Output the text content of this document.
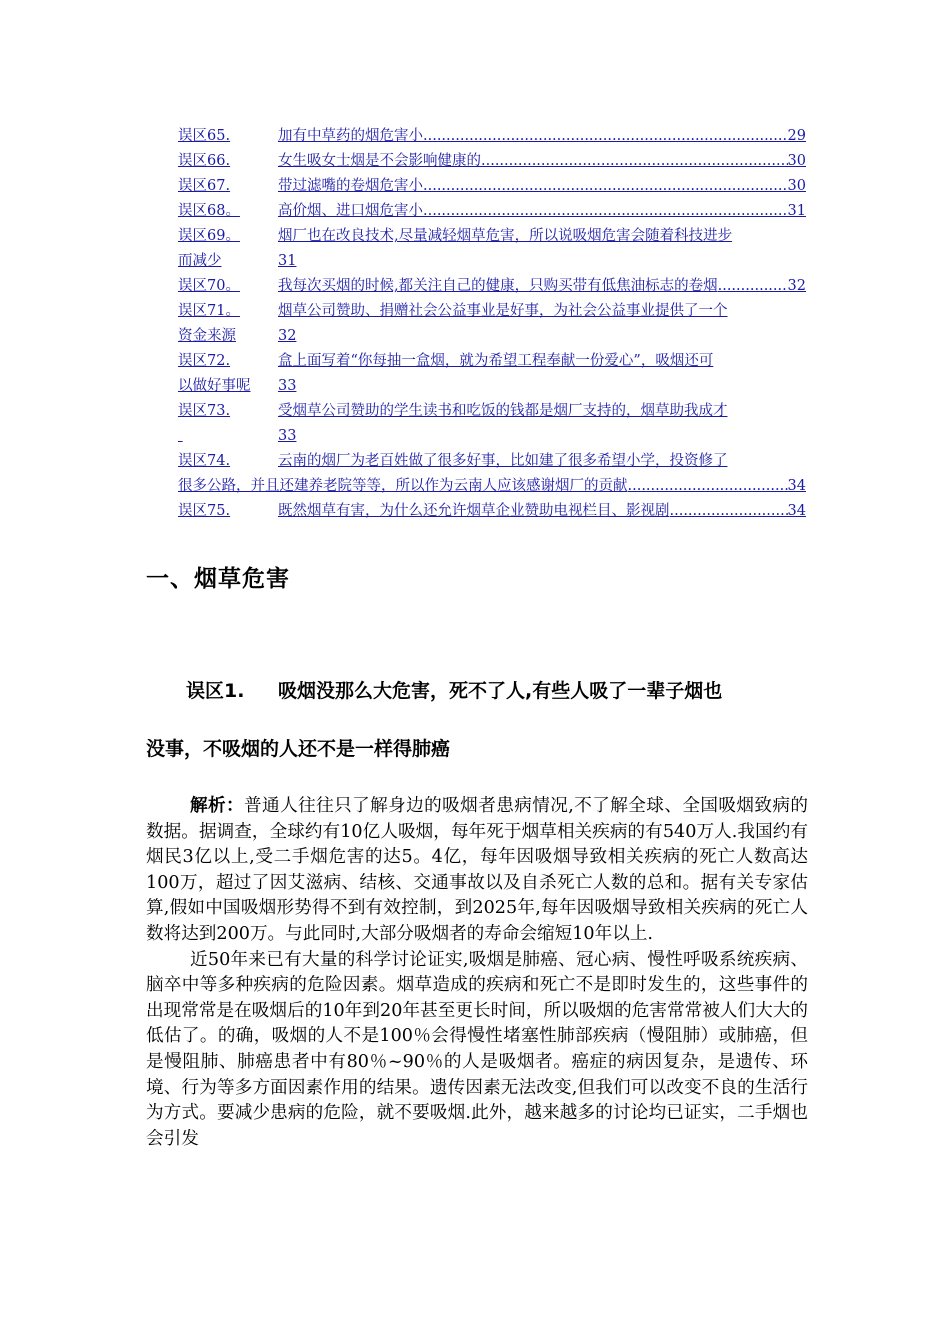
误区65.	加有中草药的烟危害小 .....	29
误区66.	女生吸女士烟是不会影响健康的 .....	30
误区67.	带过滤嘴的卷烟危害小 .....	30
误区68。	高价烟、进口烟危害小 .....	31
误区69。	烟厂也在改良技术,尽量减轻烟草危害，所以说吸烟危害会随着科技进步
而减少	31
误区70。	我每次买烟的时候,都关注自己的健康，只购买带有低焦油标志的卷烟 .....	32
误区71。	烟草公司赞助、捐赠社会公益事业是好事，为社会公益事业提供了一个
资金来源	32
误区72.	盒上面写着“你每抽一盒烟，就为希望工程奉献一份爱心”，吸烟还可
以做好事呢	33
误区73.	受烟草公司赞助的学生读书和吃饭的钱都是烟厂支持的，烟草助我成才

33
误区74.	云南的烟厂为老百姓做了很多好事，比如建了很多希望小学，投资修了
很多公路，并且还建养老院等等，所以作为云南人应该感谢烟厂的贡献 .....	34
误区75.	既然烟草有害，为什么还允许烟草企业赞助电视栏目、影视剧 .....	34
一、烟草危害
误区1.	吸烟没那么大危害，死不了人,有些人吸了一辈子烟也
没事，不吸烟的人还不是一样得肺癌

解析：普通人往往只了解身边的吸烟者患病情况,不了解全球、全国吸烟致病的数据。据调查，全球约有10亿人吸烟，每年死于烟草相关疾病的有540万人.我国约有烟民3亿以上,受二手烟危害的达5。4亿，每年因吸烟导致相关疾病的死亡人数高达100万，超过了因艾滋病、结核、交通事故以及自杀死亡人数的总和。据有关专家估算,假如中国吸烟形势得不到有效控制，到2025年,每年因吸烟导致相关疾病的死亡人数将达到200万。与此同时,大部分吸烟者的寿命会缩短10年以上.

近50年来已有大量的科学讨论证实,吸烟是肺癌、冠心病、慢性呼吸系统疾病、脑卒中等多种疾病的危险因素。烟草造成的疾病和死亡不是即时发生的，这些事件的出现常常是在吸烟后的10年到20年甚至更长时间，所以吸烟的危害常常被人们大大的低估了。的确，吸烟的人不是100％会得慢性堵塞性肺部疾病（慢阻肺）或肺癌，但是慢阻肺、肺癌患者中有80％~90％的人是吸烟者。癌症的病因复杂，是遗传、环境、行为等多方面因素作用的结果。遗传因素无法改变,但我们可以改变不良的生活行为方式。要减少患病的危险，就不要吸烟.此外，越来越多的讨论均已证实，二手烟也会引发
